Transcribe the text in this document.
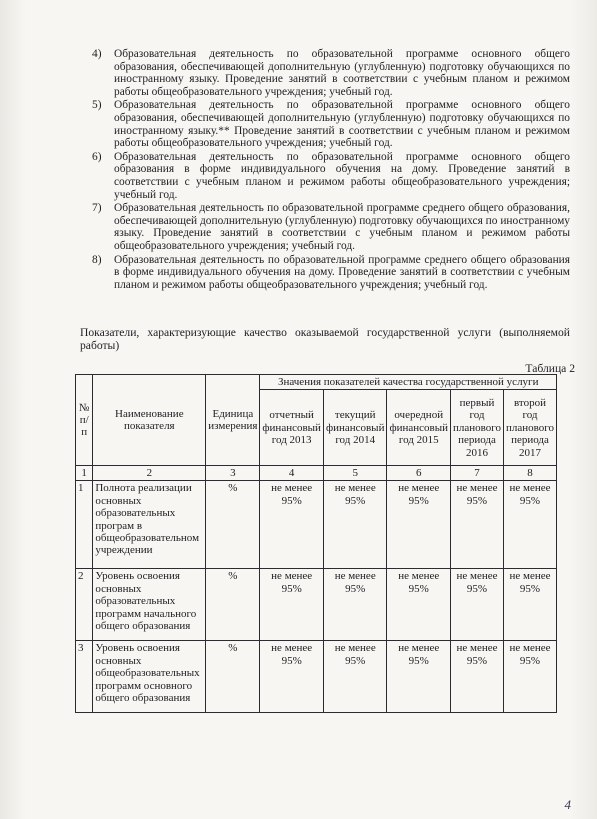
4) Образовательная деятельность по образовательной программе основного общего образования, обеспечивающей дополнительную (углубленную) подготовку обучающихся по иностранному языку. Проведение занятий в соответствии с учебным планом и режимом работы общеобразовательного учреждения; учебный год.
5) Образовательная деятельность по образовательной программе основного общего образования, обеспечивающей дополнительную (углубленную) подготовку обучающихся по иностранному языку.** Проведение занятий в соответствии с учебным планом и режимом работы общеобразовательного учреждения; учебный год.
6) Образовательная деятельность по образовательной программе основного общего образования в форме индивидуального обучения на дому. Проведение занятий в соответствии с учебным планом и режимом работы общеобразовательного учреждения; учебный год.
7) Образовательная деятельность по образовательной программе среднего общего образования, обеспечивающей дополнительную (углубленную) подготовку обучающихся по иностранному языку. Проведение занятий в соответствии с учебным планом и режимом работы общеобразовательного учреждения; учебный год.
8) Образовательная деятельность по образовательной программе среднего общего образования в форме индивидуального обучения на дому. Проведение занятий в соответствии с учебным планом и режимом работы общеобразовательного учреждения; учебный год.
Показатели, характеризующие качество оказываемой государственной услуги (выполняемой работы)
Таблица 2
№ п/п	Наименование показателя	Единица измерения	Значения показателей качества государственной услуги				
			отчетный финансовый год 2013	текущий финансовый год 2014	очередной финансовый год 2015	первый год планового периода 2016	второй год планового периода 2017
1	2	3	4	5	6	7	8
1	Полнота реализации основных образовательных програм в общеобразовательном учреждении	%	не менее 95%	не менее 95%	не менее 95%	не менее 95%	не менее 95%
2	Уровень освоения основных образовательных программ начального общего образования	%	не менее 95%	не менее 95%	не менее 95%	не менее 95%	не менее 95%
3	Уровень освоения основных общеобразовательных программ основного общего образования	%	не менее 95%	не менее 95%	не менее 95%	не менее 95%	не менее 95%
4
